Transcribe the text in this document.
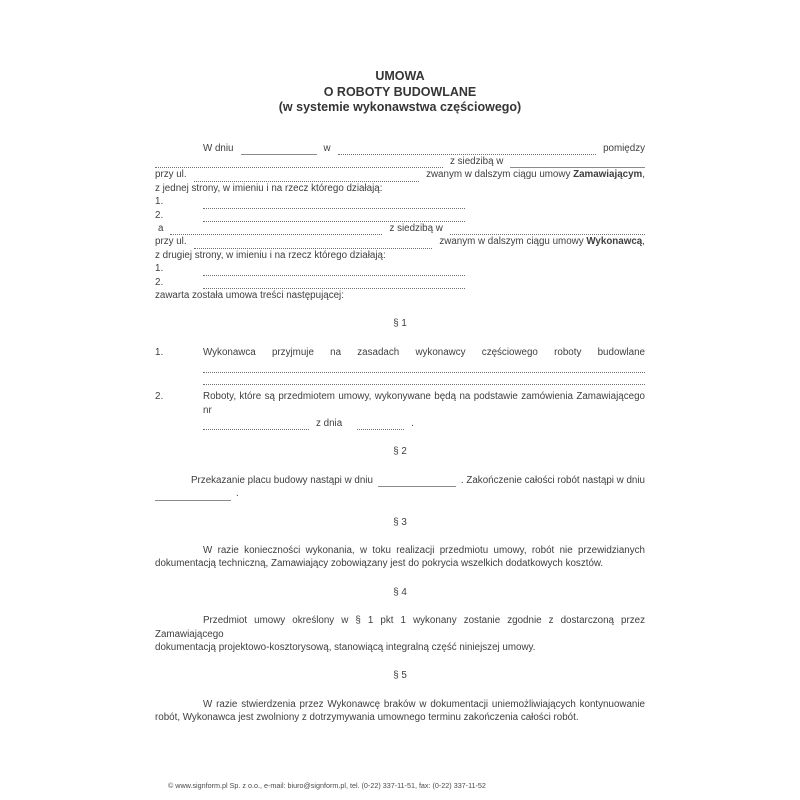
UMOWA
O ROBOTY BUDOWLANE
(w systemie wykonawstwa częściowego)
W dniu	w	pomiędzy
z siedzibą w
przy ul.	zwanym w dalszym ciągu umowy Zamawiającym,
z jednej strony, w imieniu i na rzecz którego działają:
1.
2.
a	z siedzibą w
przy ul.	zwanym w dalszym ciągu umowy Wykonawcą,
z drugiej strony, w imieniu i na rzecz którego działają:
1.
2.
zawarta została umowa treści następującej:
§ 1
1.	Wykonawca przyjmuje na zasadach wykonawcy częściowego roboty budowlane
2.	Roboty, które są przedmiotem umowy, wykonywane będą na podstawie zamówienia Zamawiającego nr
z dnia	.
§ 2
Przekazanie placu budowy nastąpi w dniu	. Zakończenie całości robót nastąpi w dniu
.
§ 3
W razie konieczności wykonania, w toku realizacji przedmiotu umowy, robót nie przewidzianych
dokumentacją techniczną, Zamawiający zobowiązany jest do pokrycia wszelkich dodatkowych kosztów.
§ 4
Przedmiot umowy określony w § 1 pkt 1 wykonany zostanie zgodnie z dostarczoną przez Zamawiającego
dokumentacją projektowo-kosztorysową, stanowiącą integralną część niniejszej umowy.
§ 5
W razie stwierdzenia przez Wykonawcę braków w dokumentacji uniemożliwiających kontynuowanie
robót, Wykonawca jest zwolniony z dotrzymywania umownego terminu zakończenia całości robót.
© www.signform.pl Sp. z o.o., e-mail: biuro@signform.pl, tel. (0-22) 337-11-51, fax: (0-22) 337-11-52
